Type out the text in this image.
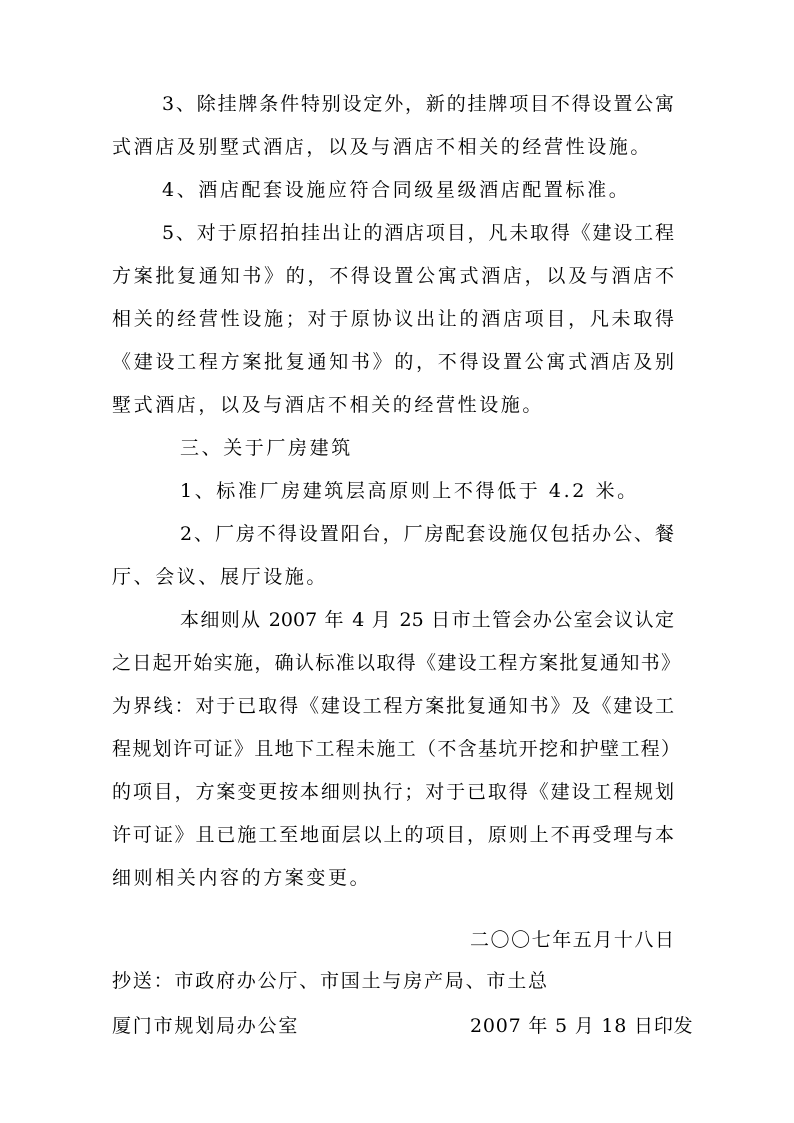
3、除挂牌条件特别设定外，新的挂牌项目不得设置公寓
式酒店及别墅式酒店，以及与酒店不相关的经营性设施。
4、酒店配套设施应符合同级星级酒店配置标准。
5、对于原招拍挂出让的酒店项目，凡未取得《建设工程
方案批复通知书》的，不得设置公寓式酒店，以及与酒店不
相关的经营性设施；对于原协议出让的酒店项目，凡未取得
《建设工程方案批复通知书》的，不得设置公寓式酒店及别
墅式酒店，以及与酒店不相关的经营性设施。
三、关于厂房建筑
1、标准厂房建筑层高原则上不得低于 4.2 米。
2、厂房不得设置阳台，厂房配套设施仅包括办公、餐
厅、会议、展厅设施。
本细则从 2007 年 4 月 25 日市土管会办公室会议认定
之日起开始实施，确认标准以取得《建设工程方案批复通知书》
为界线：对于已取得《建设工程方案批复通知书》及《建设工
程规划许可证》且地下工程未施工（不含基坑开挖和护壁工程）
的项目，方案变更按本细则执行；对于已取得《建设工程规划
许可证》且已施工至地面层以上的项目，原则上不再受理与本
细则相关内容的方案变更。
二〇〇七年五月十八日
抄送：市政府办公厅、市国土与房产局、市土总
厦门市规划局办公室	2007 年 5 月 18 日印发
